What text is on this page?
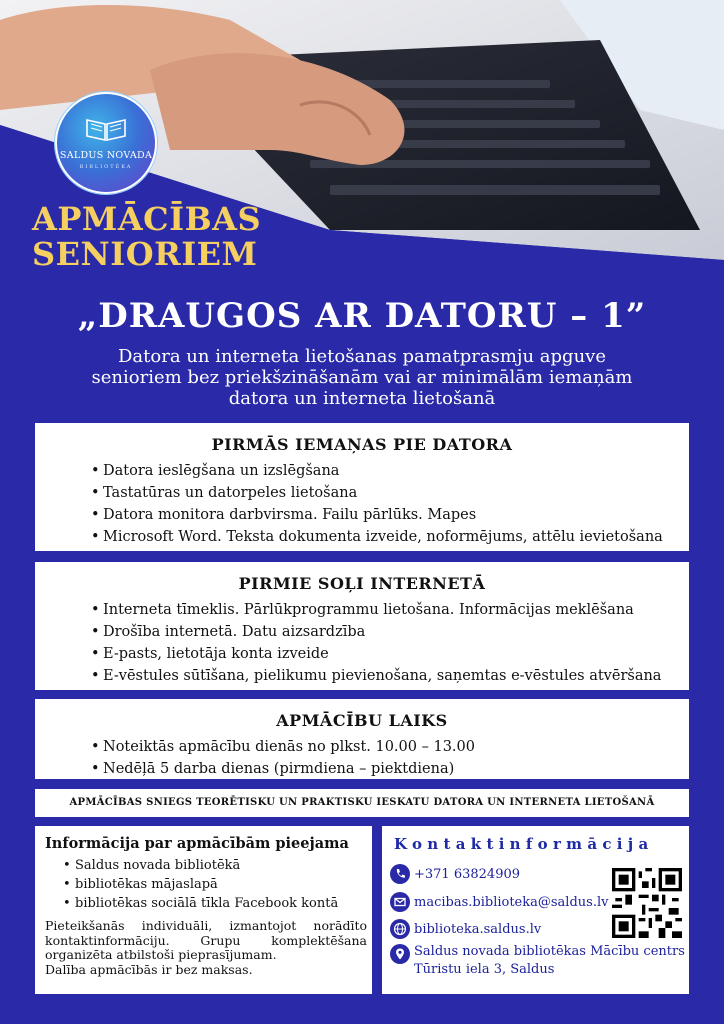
SALDUS NOVADA
BIBLIOTĒKA
APMĀCĪBAS
SENIORIEM
„DRAUGOS AR DATORU – 1”
Datora un interneta lietošanas pamatprasmju apguve
senioriem bez priekšzināšanām vai ar minimālām iemaņām
datora un interneta lietošanā
PIRMĀS IEMAŅAS PIE DATORA
• Datora ieslēgšana un izslēgšana
• Tastatūras un datorpeles lietošana
• Datora monitora darbvirsma. Failu pārlūks. Mapes
• Microsoft Word. Teksta dokumenta izveide, noformējums, attēlu ievietošana
PIRMIE SOĻI INTERNETĀ
• Interneta tīmeklis. Pārlūkprogrammu lietošana. Informācijas meklēšana
• Drošība internetā. Datu aizsardzība
• E-pasts, lietotāja konta izveide
• E-vēstules sūtīšana, pielikumu pievienošana, saņemtas e-vēstules atvēršana
APMĀCĪBU LAIKS
• Noteiktās apmācību dienās no plkst. 10.00 – 13.00
• Nedēļā 5 darba dienas (pirmdiena – piektdiena)
APMĀCĪBAS SNIEGS TEORĒTISKU UN PRAKTISKU IESKATU DATORA UN INTERNETA LIETOŠANĀ
Informācija par apmācībām pieejama
• Saldus novada bibliotēkā
• bibliotēkas mājaslapā
• bibliotēkas sociālā tīkla Facebook kontā

Pieteikšanās individuāli, izmantojot norādīto kontaktinformāciju. Grupu komplektēšana organizēta atbilstoši pieprasījumam.

Dalība apmācībās ir bez maksas.

Kontaktinformācija
+371 63824909
macibas.biblioteka@saldus.lv
biblioteka.saldus.lv
Saldus novada bibliotēkas Mācību centrs
Tūristu iela 3, Saldus
